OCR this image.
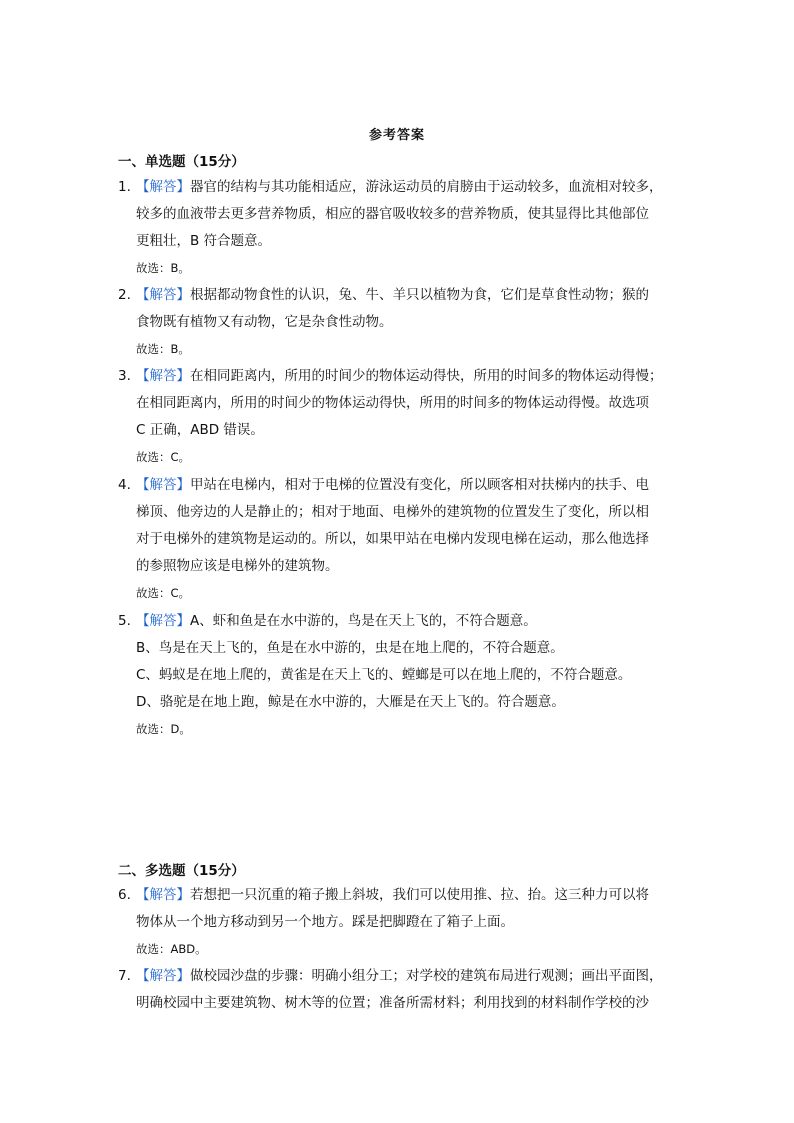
参考答案
一、单选题（15分）
1. 【解答】器官的结构与其功能相适应，游泳运动员的肩膀由于运动较多，血流相对较多，
较多的血液带去更多营养物质，相应的器官吸收较多的营养物质，使其显得比其他部位
更粗壮，B 符合题意。
故选：B。
2. 【解答】根据都动物食性的认识，兔、牛、羊只以植物为食，它们是草食性动物；猴的
食物既有植物又有动物，它是杂食性动物。
故选：B。
3. 【解答】在相同距离内，所用的时间少的物体运动得快，所用的时间多的物体运动得慢；
在相同距离内，所用的时间少的物体运动得快，所用的时间多的物体运动得慢。故选项
C 正确，ABD 错误。
故选：C。
4. 【解答】甲站在电梯内，相对于电梯的位置没有变化，所以顾客相对扶梯内的扶手、电
梯顶、他旁边的人是静止的；相对于地面、电梯外的建筑物的位置发生了变化，所以相
对于电梯外的建筑物是运动的。所以，如果甲站在电梯内发现电梯在运动，那么他选择
的参照物应该是电梯外的建筑物。
故选：C。
5. 【解答】A、虾和鱼是在水中游的，鸟是在天上飞的，不符合题意。
B、鸟是在天上飞的，鱼是在水中游的，虫是在地上爬的，不符合题意。
C、蚂蚁是在地上爬的，黄雀是在天上飞的、螳螂是可以在地上爬的，不符合题意。
D、骆驼是在地上跑，鲸是在水中游的，大雁是在天上飞的。符合题意。
故选：D。
二、多选题（15分）
6. 【解答】若想把一只沉重的箱子搬上斜坡，我们可以使用推、拉、抬。这三种力可以将
物体从一个地方移动到另一个地方。踩是把脚蹬在了箱子上面。
故选：ABD。
7. 【解答】做校园沙盘的步骤：明确小组分工；对学校的建筑布局进行观测；画出平面图，
明确校园中主要建筑物、树木等的位置；准备所需材料；利用找到的材料制作学校的沙
